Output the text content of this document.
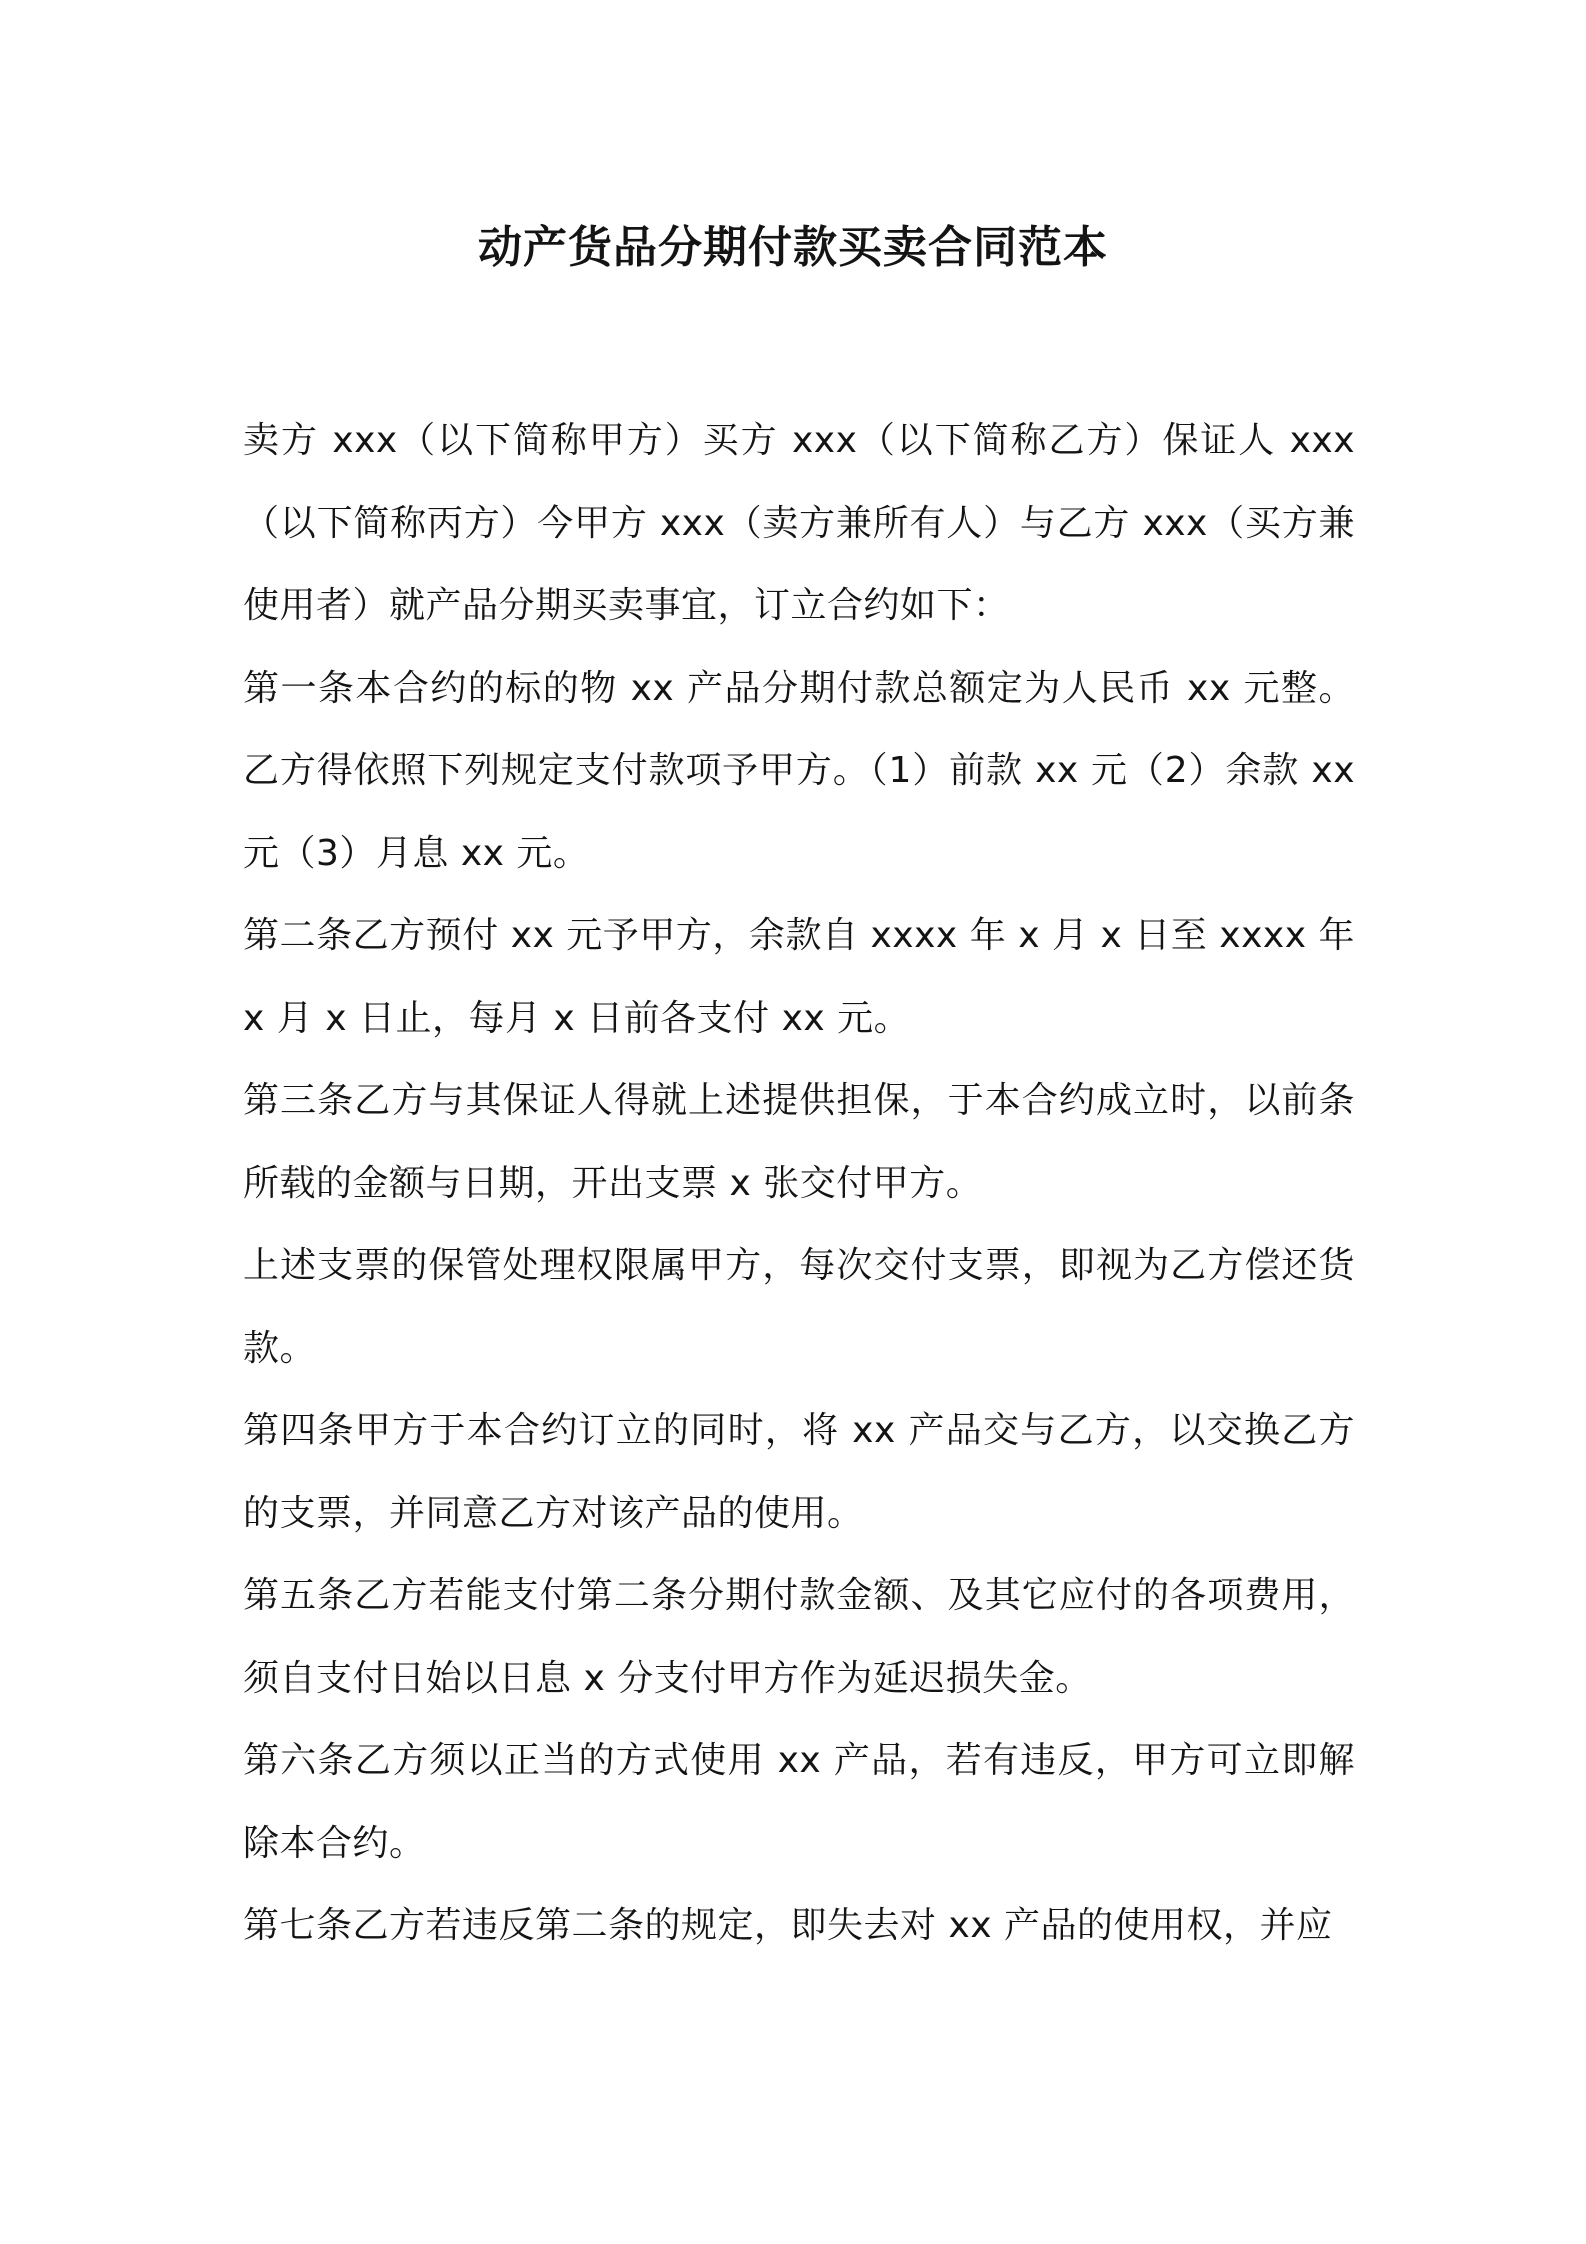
动产货品分期付款买卖合同范本

卖方 xxx（以下简称甲方）买方 xxx（以下简称乙方）保证人 xxx（以下简称丙方）今甲方 xxx（卖方兼所有人）与乙方 xxx（买方兼使用者）就产品分期买卖事宜，订立合约如下：

第一条本合约的标的物 xx 产品分期付款总额定为人民币 xx 元整。乙方得依照下列规定支付款项予甲方。（1）前款 xx 元（2）余款 xx 元（3）月息 xx 元。

第二条乙方预付 xx 元予甲方，余款自 xxxx 年 x 月 x 日至 xxxx 年 x 月 x 日止，每月 x 日前各支付 xx 元。

第三条乙方与其保证人得就上述提供担保，于本合约成立时，以前条所载的金额与日期，开出支票 x 张交付甲方。

上述支票的保管处理权限属甲方，每次交付支票，即视为乙方偿还货款。

第四条甲方于本合约订立的同时，将 xx 产品交与乙方，以交换乙方的支票，并同意乙方对该产品的使用。

第五条乙方若能支付第二条分期付款金额、及其它应付的各项费用，须自支付日始以日息 x 分支付甲方作为延迟损失金。

第六条乙方须以正当的方式使用 xx 产品，若有违反，甲方可立即解除本合约。

第七条乙方若违反第二条的规定，即失去对 xx 产品的使用权，并应
